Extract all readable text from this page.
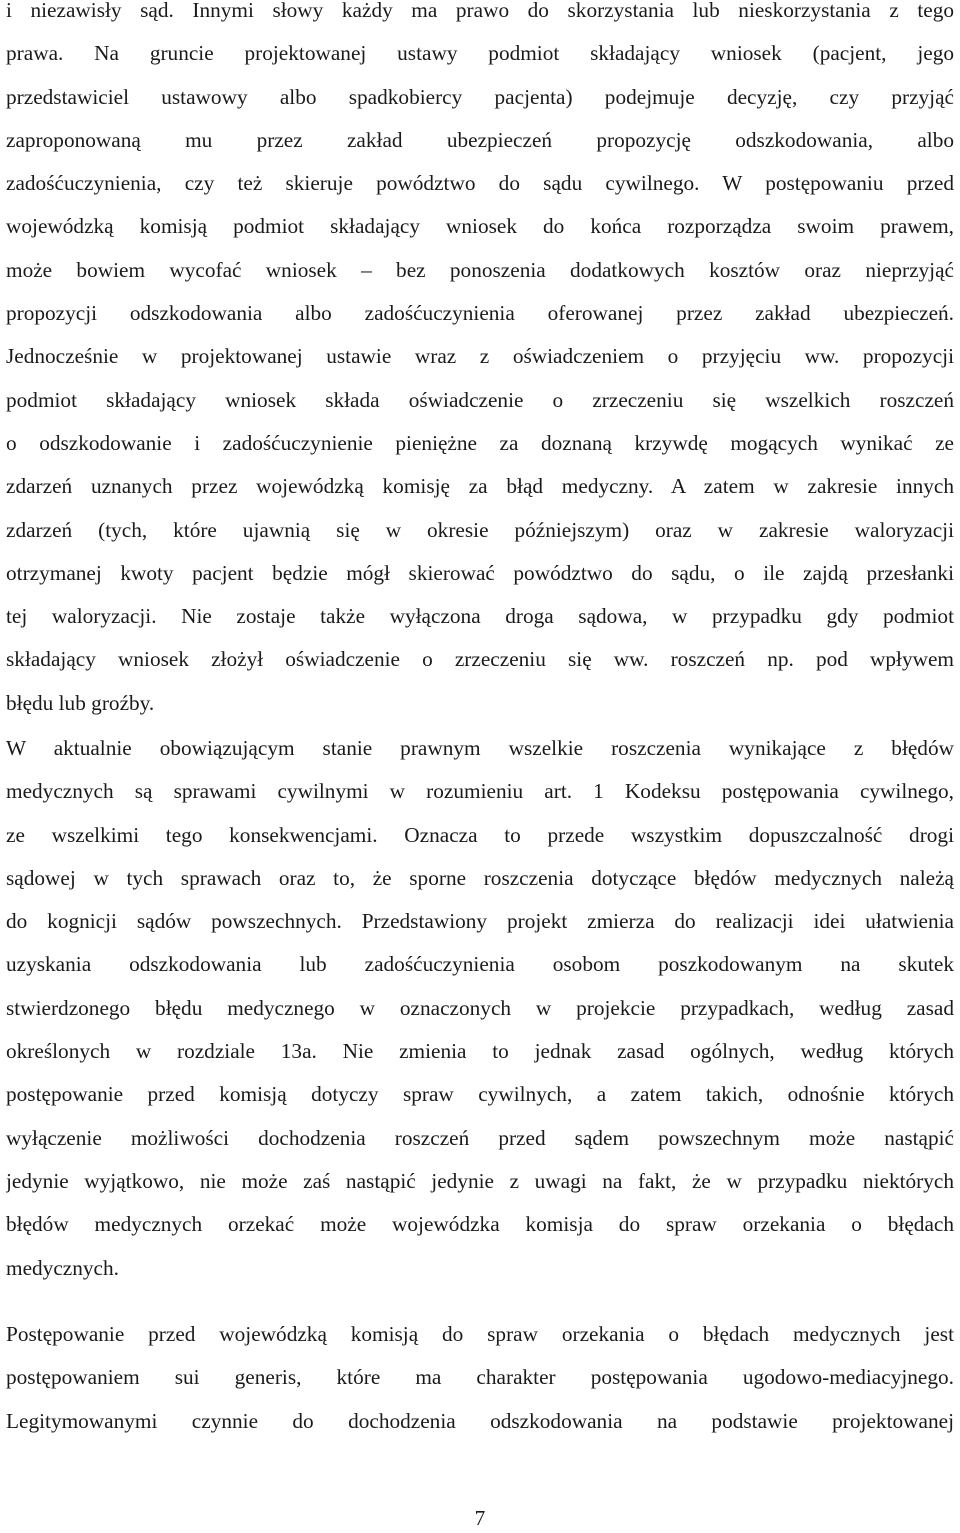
i niezawisły sąd. Innymi słowy każdy ma prawo do skorzystania lub nieskorzystania z tego
prawa. Na gruncie projektowanej ustawy podmiot składający wniosek (pacjent, jego
przedstawiciel ustawowy albo spadkobiercy pacjenta) podejmuje decyzję, czy przyjąć
zaproponowaną mu przez zakład ubezpieczeń propozycję odszkodowania, albo
zadośćuczynienia, czy też skieruje powództwo do sądu cywilnego. W postępowaniu przed
wojewódzką komisją podmiot składający wniosek do końca rozporządza swoim prawem,
może bowiem wycofać wniosek – bez ponoszenia dodatkowych kosztów oraz nieprzyjąć
propozycji odszkodowania albo zadośćuczynienia oferowanej przez zakład ubezpieczeń.
Jednocześnie w projektowanej ustawie wraz z oświadczeniem o przyjęciu ww. propozycji
podmiot składający wniosek składa oświadczenie o zrzeczeniu się wszelkich roszczeń
o odszkodowanie i zadośćuczynienie pieniężne za doznaną krzywdę mogących wynikać ze
zdarzeń uznanych przez wojewódzką komisję za błąd medyczny. A zatem w zakresie innych
zdarzeń (tych, które ujawnią się w okresie późniejszym) oraz w zakresie waloryzacji
otrzymanej kwoty pacjent będzie mógł skierować powództwo do sądu, o ile zajdą przesłanki
tej waloryzacji. Nie zostaje także wyłączona droga sądowa, w przypadku gdy podmiot
składający wniosek złożył oświadczenie o zrzeczeniu się ww. roszczeń np. pod wpływem
błędu lub groźby.

W aktualnie obowiązującym stanie prawnym wszelkie roszczenia wynikające z błędów
medycznych są sprawami cywilnymi w rozumieniu art. 1 Kodeksu postępowania cywilnego,
ze wszelkimi tego konsekwencjami. Oznacza to przede wszystkim dopuszczalność drogi
sądowej w tych sprawach oraz to, że sporne roszczenia dotyczące błędów medycznych należą
do kognicji sądów powszechnych. Przedstawiony projekt zmierza do realizacji idei ułatwienia
uzyskania odszkodowania lub zadośćuczynienia osobom poszkodowanym na skutek
stwierdzonego błędu medycznego w oznaczonych w projekcie przypadkach, według zasad
określonych w rozdziale 13a. Nie zmienia to jednak zasad ogólnych, według których
postępowanie przed komisją dotyczy spraw cywilnych, a zatem takich, odnośnie których
wyłączenie możliwości dochodzenia roszczeń przed sądem powszechnym może nastąpić
jedynie wyjątkowo, nie może zaś nastąpić jedynie z uwagi na fakt, że w przypadku niektórych
błędów medycznych orzekać może wojewódzka komisja do spraw orzekania o błędach
medycznych.

Postępowanie przed wojewódzką komisją do spraw orzekania o błędach medycznych jest
postępowaniem sui generis, które ma charakter postępowania ugodowo-mediacyjnego.
Legitymowanymi czynnie do dochodzenia odszkodowania na podstawie projektowanej

7
